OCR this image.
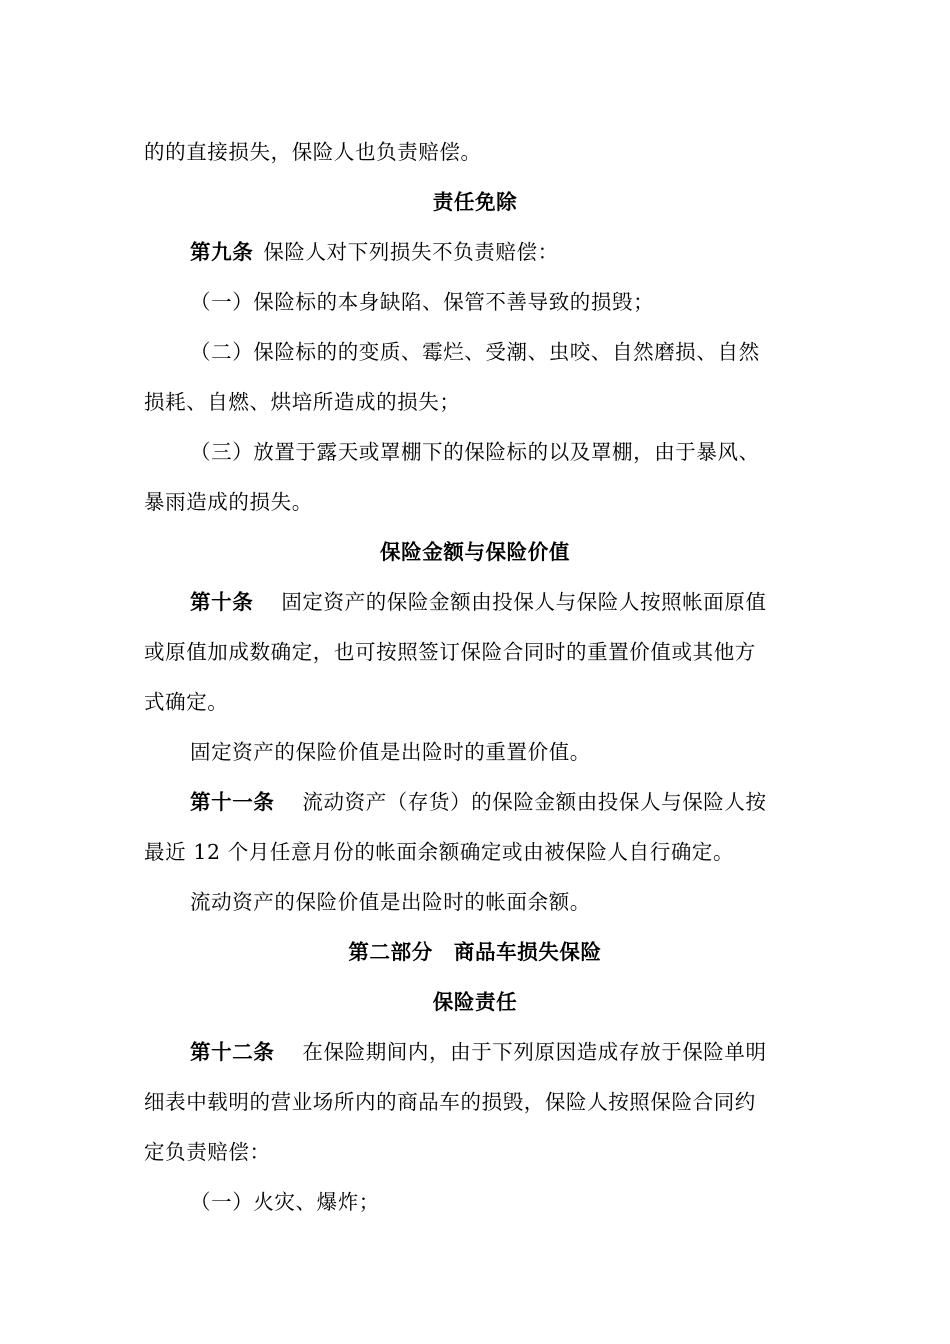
的的直接损失，保险人也负责赔偿。
责任免除
第九条 保险人对下列损失不负责赔偿：
（一）保险标的本身缺陷、保管不善导致的损毁；
（二）保险标的的变质、霉烂、受潮、虫咬、自然磨损、自然
损耗、自燃、烘培所造成的损失；
（三）放置于露天或罩棚下的保险标的以及罩棚，由于暴风、
暴雨造成的损失。
保险金额与保险价值
第十条 固定资产的保险金额由投保人与保险人按照帐面原值
或原值加成数确定，也可按照签订保险合同时的重置价值或其他方
式确定。
固定资产的保险价值是出险时的重置价值。
第十一条 流动资产（存货）的保险金额由投保人与保险人按
最近 12 个月任意月份的帐面余额确定或由被保险人自行确定。
流动资产的保险价值是出险时的帐面余额。
第二部分　商品车损失保险
保险责任
第十二条 在保险期间内，由于下列原因造成存放于保险单明
细表中载明的营业场所内的商品车的损毁，保险人按照保险合同约
定负责赔偿：
（一）火灾、爆炸；
